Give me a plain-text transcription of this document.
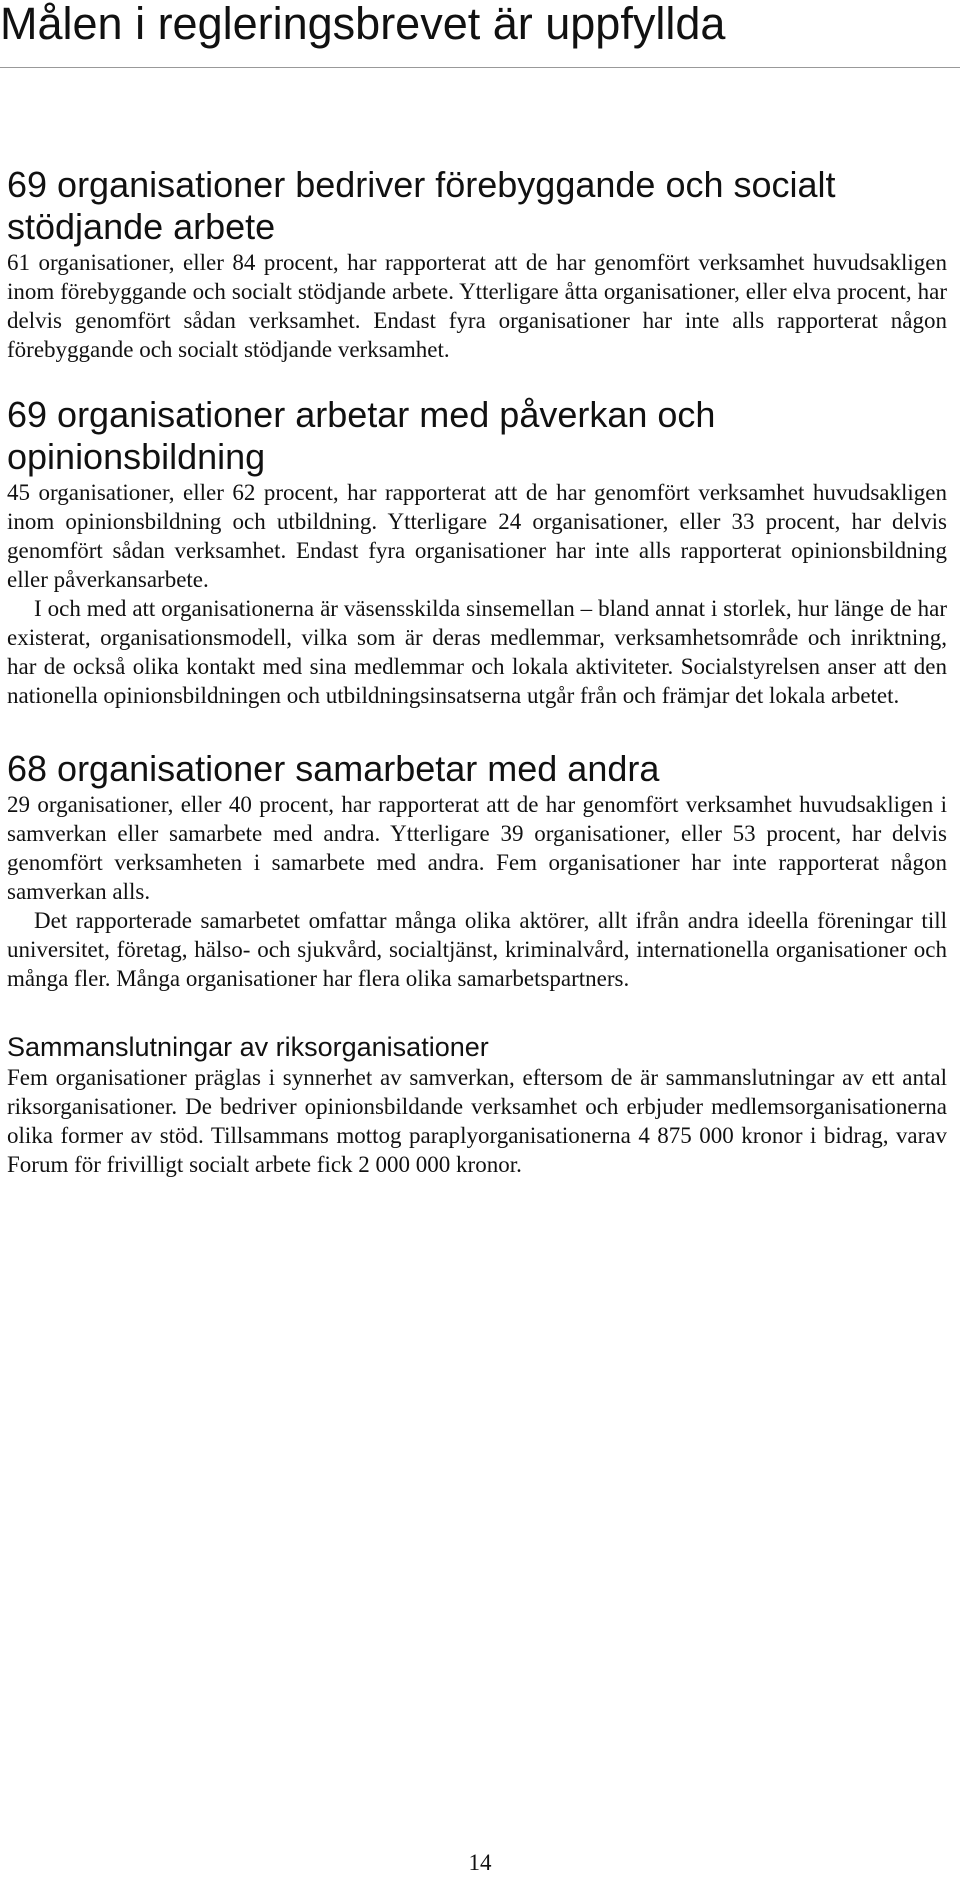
Målen i regleringsbrevet är uppfyllda
69 organisationer bedriver förebyggande och socialt stödjande arbete

61 organisationer, eller 84 procent, har rapporterat att de har genomfört verksamhet huvudsakligen inom förebyggande och socialt stödjande arbete. Ytterligare åtta organisationer, eller elva procent, har delvis genomfört sådan verksamhet. Endast fyra organisationer har inte alls rapporterat någon förebyggande och socialt stödjande verksamhet.

69 organisationer arbetar med påverkan och opinionsbildning

45 organisationer, eller 62 procent, har rapporterat att de har genomfört verksamhet huvudsakligen inom opinionsbildning och utbildning. Ytterligare 24 organisationer, eller 33 procent, har delvis genomfört sådan verksamhet. Endast fyra organisationer har inte alls rapporterat opinionsbildning eller påverkansarbete.

I och med att organisationerna är väsensskilda sinsemellan – bland annat i storlek, hur länge de har existerat, organisationsmodell, vilka som är deras medlemmar, verksamhetsområde och inriktning, har de också olika kontakt med sina medlemmar och lokala aktiviteter. Socialstyrelsen anser att den nationella opinionsbildningen och utbildningsinsatserna utgår från och främjar det lokala arbetet.

68 organisationer samarbetar med andra

29 organisationer, eller 40 procent, har rapporterat att de har genomfört verksamhet huvudsakligen i samverkan eller samarbete med andra. Ytterligare 39 organisationer, eller 53 procent, har delvis genomfört verksamheten i samarbete med andra. Fem organisationer har inte rapporterat någon samverkan alls.

Det rapporterade samarbetet omfattar många olika aktörer, allt ifrån andra ideella föreningar till universitet, företag, hälso- och sjukvård, socialtjänst, kriminalvård, internationella organisationer och många fler. Många organisationer har flera olika samarbetspartners.

Sammanslutningar av riksorganisationer

Fem organisationer präglas i synnerhet av samverkan, eftersom de är sammanslutningar av ett antal riksorganisationer. De bedriver opinionsbildande verksamhet och erbjuder medlemsorganisationerna olika former av stöd. Tillsammans mottog paraplyorganisationerna 4 875 000 kronor i bidrag, varav Forum för frivilligt socialt arbete fick 2 000 000 kronor.

14
